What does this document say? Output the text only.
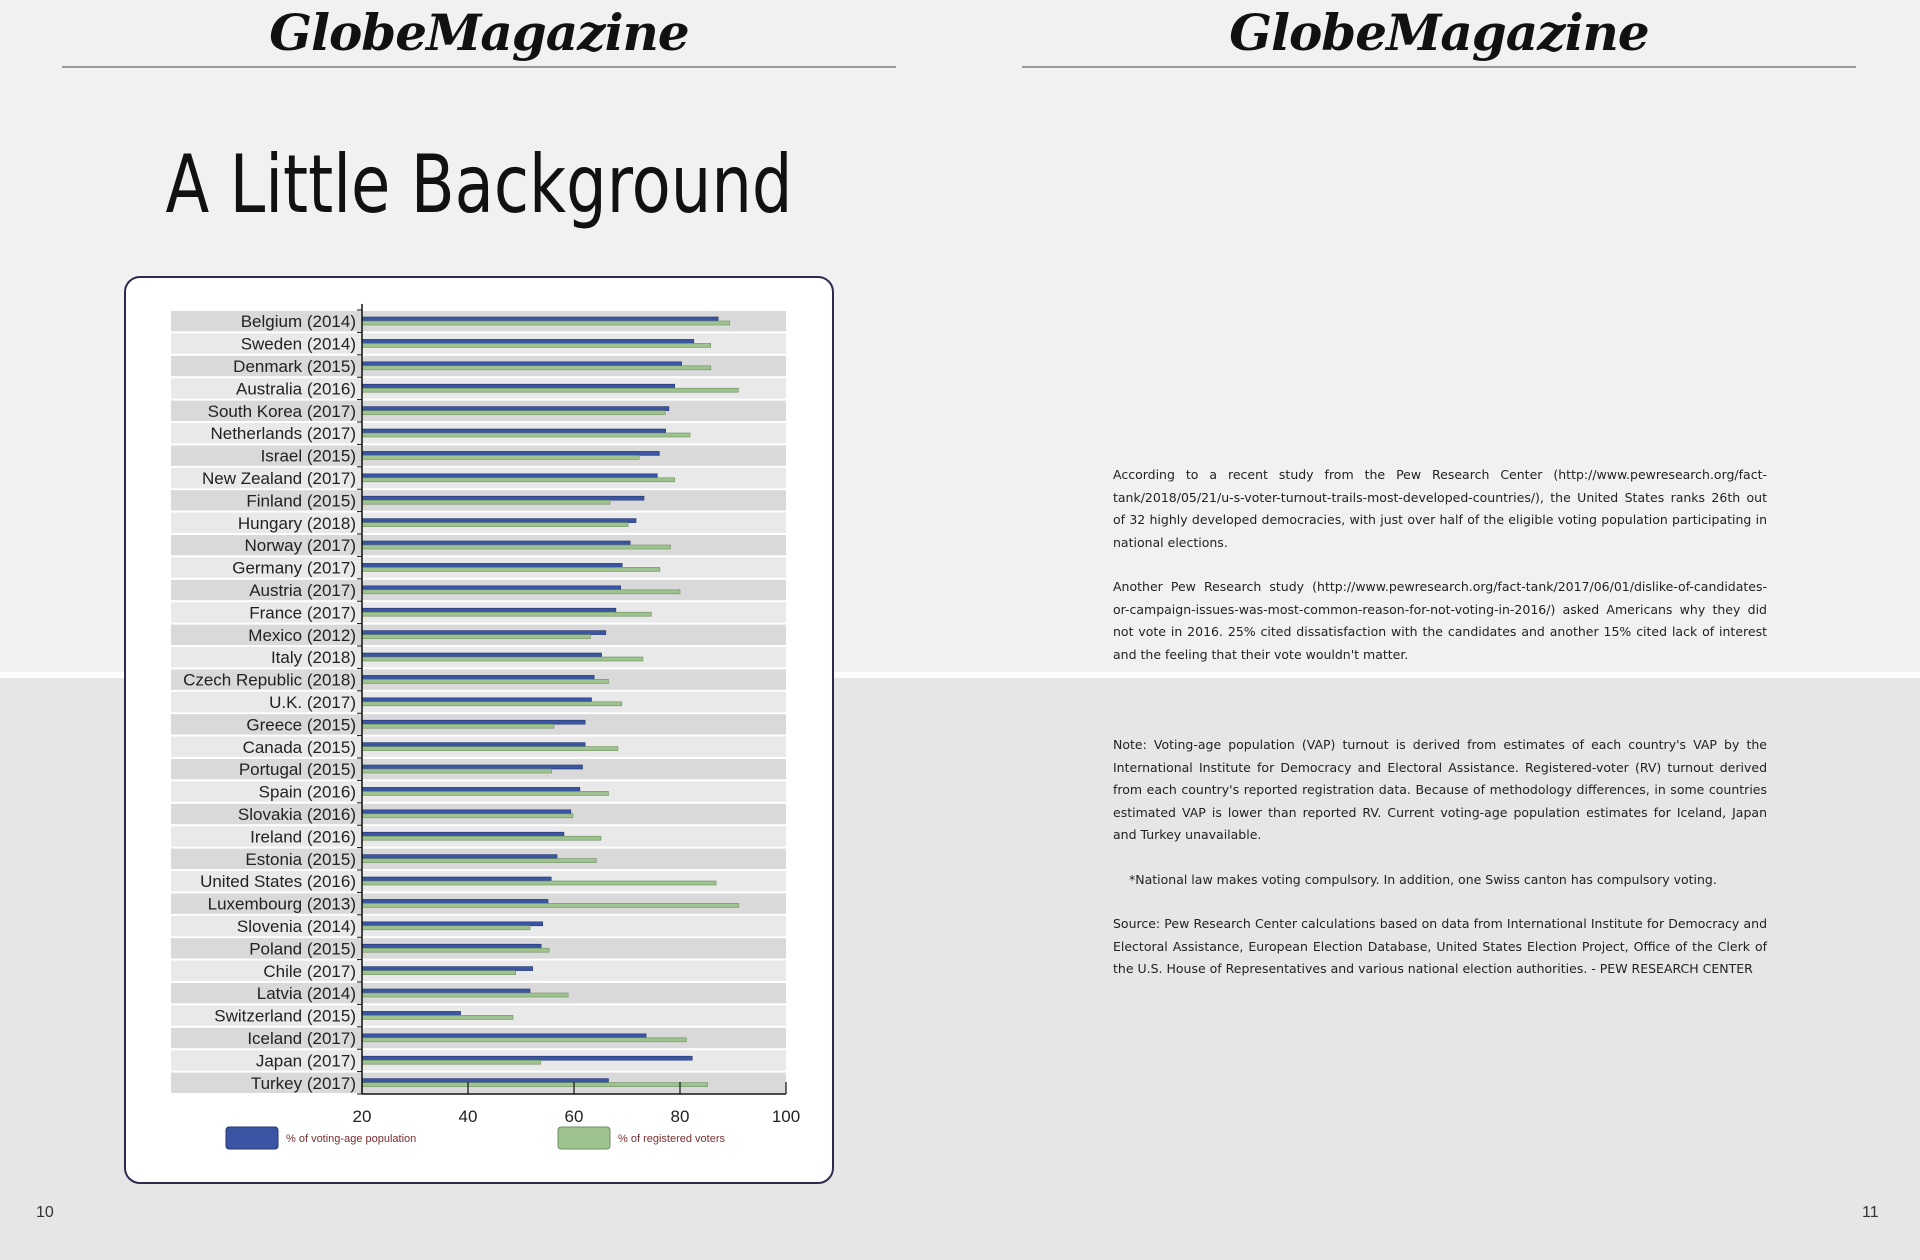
GlobeMagazine	GlobeMagazine
A Little Background
Belgium (2014)
Sweden (2014)
Denmark (2015)
Australia (2016)
South Korea (2017)
Netherlands (2017)
Israel (2015)
New Zealand (2017)
Finland (2015)
Hungary (2018)
Norway (2017)
Germany (2017)
Austria (2017)
France (2017)
Mexico (2012)
Italy (2018)
Czech Republic (2018)
U.K. (2017)
Greece (2015)
Canada (2015)
Portugal (2015)
Spain (2016)
Slovakia (2016)
Ireland (2016)
Estonia (2015)
United States (2016)
Luxembourg (2013)
Slovenia (2014)
Poland (2015)
Chile (2017)
Latvia (2014)
Switzerland (2015)
Iceland (2017)
Japan (2017)
Turkey (2017)
20	40	60	80	100
% of voting-age population	% of registered voters

According to a recent study from the Pew Research Center (http://www.pewresearch.org/fact-tank/2018/05/21/u-s-voter-turnout-trails-most-developed-countries/), the United States ranks 26th out of 32 highly developed democracies, with just over half of the eligible voting population participating in national elections.

Another Pew Research study (http://www.pewresearch.org/fact-tank/2017/06/01/dislike-of-candidates-or-campaign-issues-was-most-common-reason-for-not-voting-in-2016/) asked Americans why they did not vote in 2016. 25% cited dissatisfaction with the candidates and another 15% cited lack of interest and the feeling that their vote wouldn't matter.

Note: Voting-age population (VAP) turnout is derived from estimates of each country's VAP by the International Institute for Democracy and Electoral Assistance. Registered-voter (RV) turnout derived from each country's reported registration data. Because of methodology differences, in some countries estimated VAP is lower than reported RV. Current voting-age population estimates for Iceland, Japan and Turkey unavailable.

*National law makes voting compulsory. In addition, one Swiss canton has compulsory voting.

Source: Pew Research Center calculations based on data from International Institute for Democracy and Electoral Assistance, European Election Database, United States Election Project, Office of the Clerk of the U.S. House of Representatives and various national election authorities. - PEW RESEARCH CENTER

10	11
